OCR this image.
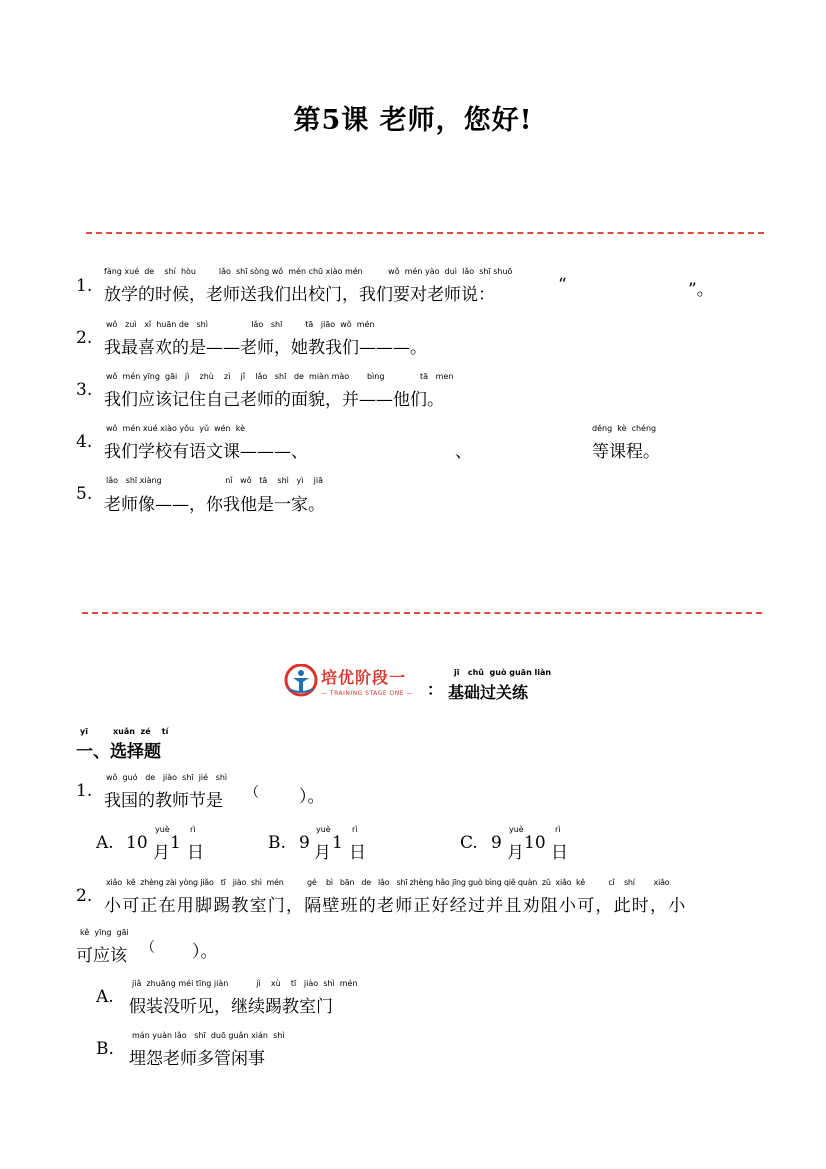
第5课 老师，您好!
1.
fàng xué  de    shí  hòu         lǎo  shī sòng wǒ  mén chū xiào mén          wǒ  mén yào  duì  lǎo  shī shuō
放学的时候，老师送我们出校门，我们要对老师说：	“	”。
2.
wǒ   zuì   xǐ  huān de   shì                 lǎo   shī         tā   jiāo  wǒ  mén
我最喜欢的是——老师，她教我们———。
3.
wǒ  mén yīng  gāi   jì    zhù    zì    jǐ    lǎo   shī   de  miàn mào       bìng              tā   men
我们应该记住自己老师的面貌，并——他们。
4.
wǒ  mén xué xiào yǒu  yǔ  wén  kè
我们学校有语文课———、	、
děng  kè  chéng
等课程。
5.
lǎo   shī xiàng                         nǐ   wǒ   tā    shì   yì    jiā
老师像——，你我他是一家。
培优阶段一
— TRAINING STAGE ONE — ：
jī   chǔ  guò guān liàn
基础过关练
yī         xuǎn  zé    tí
一、选择题
1.
wǒ  guó   de   jiào  shī  jié   shì
我国的教师节是 （ ）。
A. 10
yuè
月 1
rì
日	B. 9
yuè
月 1
rì
日	C. 9
yuè
月 10
rì
日
2.
xiǎo  kě  zhèng zài yòng jiǎo   tī   jiào  shì  mén          gé    bì   bān   de   lǎo   shī zhèng hǎo jīng guò bìng qiě quàn  zǔ  xiǎo  kě          cǐ    shí        xiǎo
小可正在用脚踢教室门，隔壁班的老师正好经过并且劝阻小可，此时，小
kě  yīng  gāi
可应该 （ ）。
A.
jiǎ  zhuāng méi tīng jiàn           jì    xù    tī   jiào  shì  mén
假装没听见，继续踢教室门
B.
mán yuàn lǎo   shī  duō guǎn xián  shì
埋怨老师多管闲事
